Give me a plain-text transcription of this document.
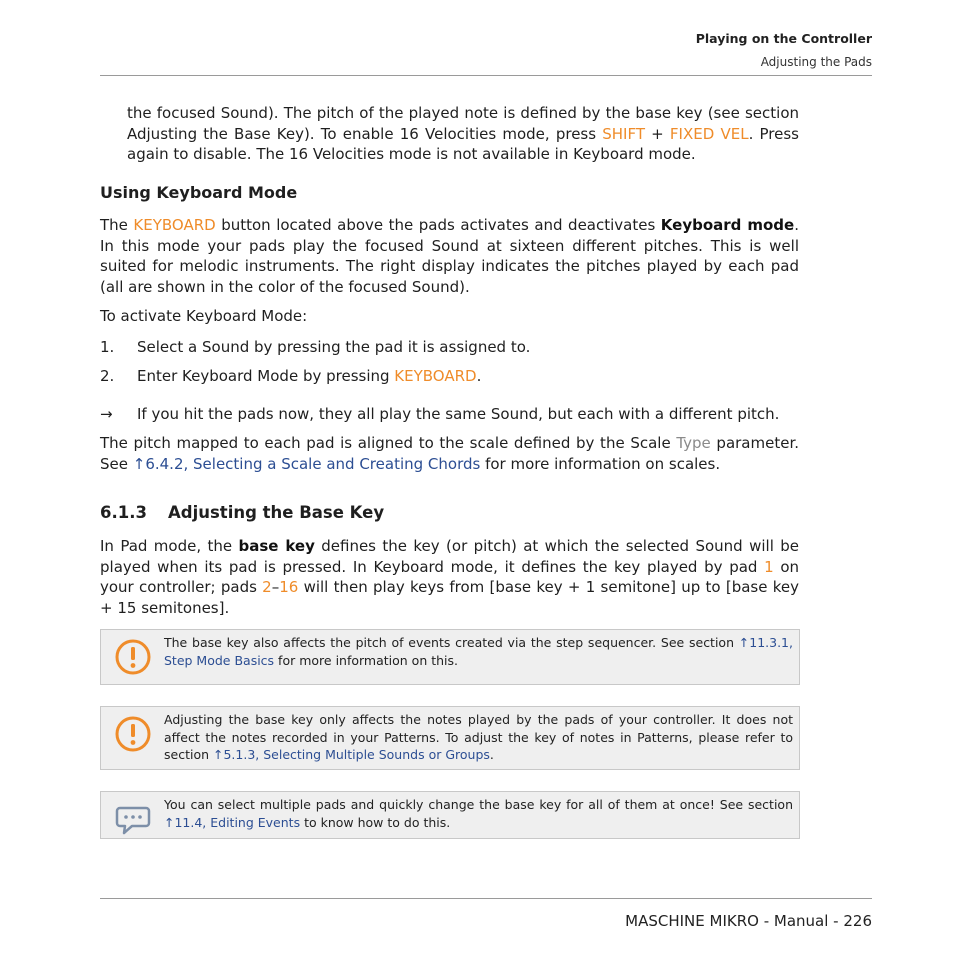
Playing on the Controller
Adjusting the Pads

the focused Sound). The pitch of the played note is defined by the base key (see section Adjusting the Base Key). To enable 16 Velocities mode, press SHIFT + FIXED VEL. Press again to disable. The 16 Velocities mode is not available in Keyboard mode.

Using Keyboard Mode

The KEYBOARD button located above the pads activates and deactivates Keyboard mode. In this mode your pads play the focused Sound at sixteen different pitches. This is well suited for melodic instruments. The right display indicates the pitches played by each pad (all are shown in the color of the focused Sound).

To activate Keyboard Mode:

1. Select a Sound by pressing the pad it is assigned to.
2. Enter Keyboard Mode by pressing KEYBOARD.
→ If you hit the pads now, they all play the same Sound, but each with a different pitch.

The pitch mapped to each pad is aligned to the scale defined by the Scale Type parameter. See ↑6.4.2, Selecting a Scale and Creating Chords for more information on scales.

6.1.3 Adjusting the Base Key

In Pad mode, the base key defines the key (or pitch) at which the selected Sound will be played when its pad is pressed. In Keyboard mode, it defines the key played by pad 1 on your controller; pads 2–16 will then play keys from [base key + 1 semitone] up to [base key + 15 semitones].

The base key also affects the pitch of events created via the step sequencer. See section ↑11.3.1, Step Mode Basics for more information on this.

Adjusting the base key only affects the notes played by the pads of your controller. It does not affect the notes recorded in your Patterns. To adjust the key of notes in Patterns, please refer to section ↑5.1.3, Selecting Multiple Sounds or Groups.

You can select multiple pads and quickly change the base key for all of them at once! See section ↑11.4, Editing Events to know how to do this.

MASCHINE MIKRO - Manual - 226
